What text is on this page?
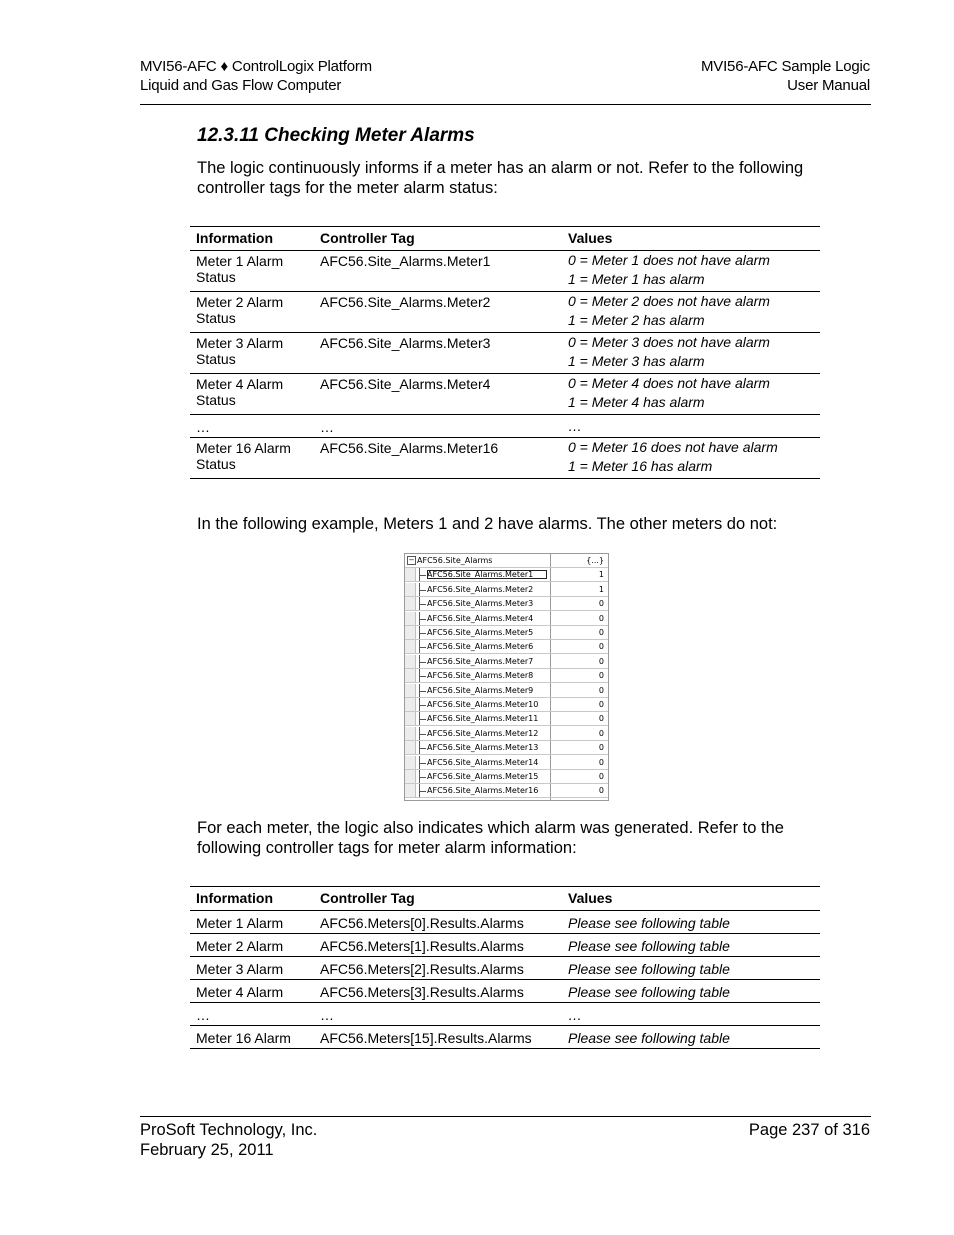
MVI56-AFC ♦ ControlLogix Platform
Liquid and Gas Flow Computer
MVI56-AFC Sample Logic
User Manual
12.3.11 Checking Meter Alarms
The logic continuously informs if a meter has an alarm or not. Refer to the following controller tags for the meter alarm status:
Information	Controller Tag	Values
Meter 1 Alarm Status	AFC56.Site_Alarms.Meter1	0 = Meter 1 does not have alarm
1 = Meter 1 has alarm

Meter 2 Alarm Status	AFC56.Site_Alarms.Meter2	0 = Meter 2 does not have alarm
1 = Meter 2 has alarm

Meter 3 Alarm Status	AFC56.Site_Alarms.Meter3	0 = Meter 3 does not have alarm
1 = Meter 3 has alarm

Meter 4 Alarm Status	AFC56.Site_Alarms.Meter4	0 = Meter 4 does not have alarm
1 = Meter 4 has alarm

…	…	…

Meter 16 Alarm Status	AFC56.Site_Alarms.Meter16	0 = Meter 16 does not have alarm
1 = Meter 16 has alarm
In the following example, Meters 1 and 2 have alarms. The other meters do not:
− AFC56.Site_Alarms	{...}
AFC56.Site_Alarms.Meter1	1
AFC56.Site_Alarms.Meter2	1
AFC56.Site_Alarms.Meter3	0
AFC56.Site_Alarms.Meter4	0
AFC56.Site_Alarms.Meter5	0
AFC56.Site_Alarms.Meter6	0
AFC56.Site_Alarms.Meter7	0
AFC56.Site_Alarms.Meter8	0
AFC56.Site_Alarms.Meter9	0
AFC56.Site_Alarms.Meter10	0
AFC56.Site_Alarms.Meter11	0
AFC56.Site_Alarms.Meter12	0
AFC56.Site_Alarms.Meter13	0
AFC56.Site_Alarms.Meter14	0
AFC56.Site_Alarms.Meter15	0
AFC56.Site_Alarms.Meter16	0
For each meter, the logic also indicates which alarm was generated. Refer to the following controller tags for meter alarm information:
Information	Controller Tag	Values
Meter 1 Alarm	AFC56.Meters[0].Results.Alarms	Please see following table
Meter 2 Alarm	AFC56.Meters[1].Results.Alarms	Please see following table
Meter 3 Alarm	AFC56.Meters[2].Results.Alarms	Please see following table
Meter 4 Alarm	AFC56.Meters[3].Results.Alarms	Please see following table
…	…	…
Meter 16 Alarm	AFC56.Meters[15].Results.Alarms	Please see following table
ProSoft Technology, Inc.
February 25, 2011
Page 237 of 316
